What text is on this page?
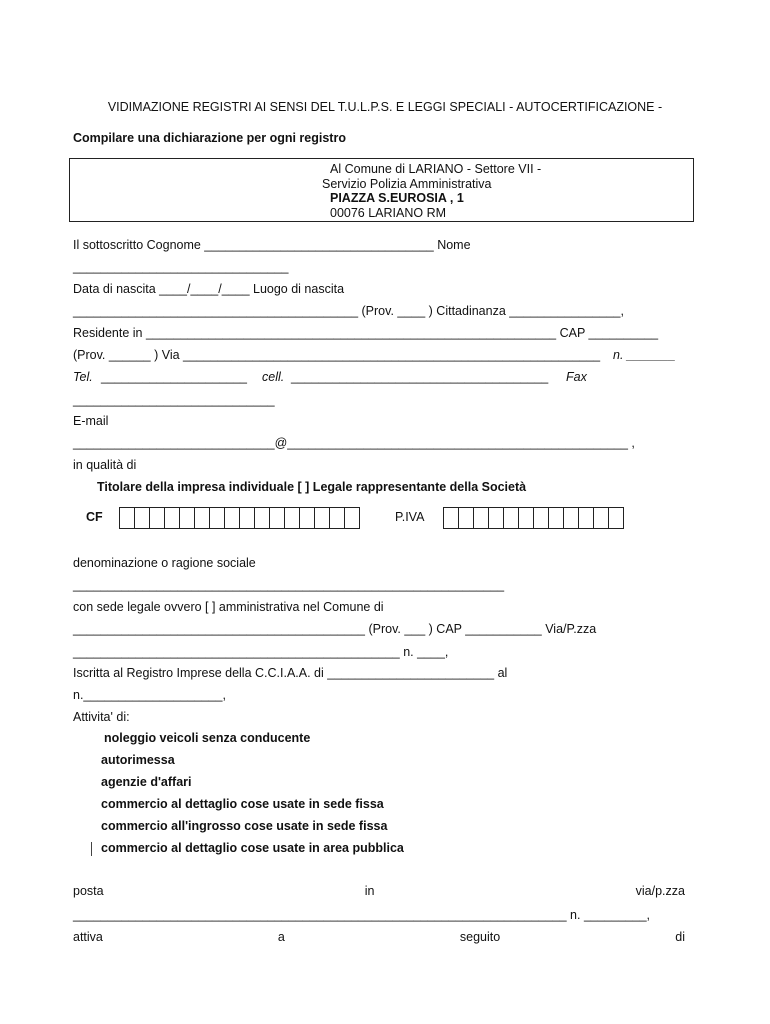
VIDIMAZIONE REGISTRI AI SENSI DEL T.U.L.P.S. E LEGGI SPECIALI - AUTOCERTIFICAZIONE -
Compilare una dichiarazione per ogni registro
Al Comune di LARIANO - Settore VII -
Servizio Polizia Amministrativa
PIAZZA S.EUROSIA , 1
00076 LARIANO RM
Il sottoscritto Cognome _________________________________ Nome
_______________________________
Data di nascita ____/____/____ Luogo di nascita
_________________________________________ (Prov. ____ ) Cittadinanza ________________,
Residente in ___________________________________________________________ CAP __________
(Prov. ______ ) Via ____________________________________________________________ n. _______
Tel. _____________________ cell. _____________________________________ Fax
_____________________________
E-mail
_____________________________@_________________________________________________ ,
in qualità di
Titolare della impresa individuale [ ] Legale rappresentante della Società
CF	P.IVA
denominazione o ragione sociale
______________________________________________________________
con sede legale ovvero [ ] amministrativa nel Comune di
__________________________________________ (Prov. ___ ) CAP ___________ Via/P.zza
_______________________________________________ n. ____,
Iscritta al Registro Imprese della C.C.I.A.A. di ________________________ al
n.____________________,
Attivita' di:
noleggio veicoli senza conducente
autorimessa
agenzie d'affari
commercio al dettaglio cose usate in sede fissa
commercio all'ingrosso cose usate in sede fissa
commercio al dettaglio cose usate in area pubblica
posta	in	via/p.zza
_______________________________________________________________________ n. _________,
attiva	a	seguito	di
